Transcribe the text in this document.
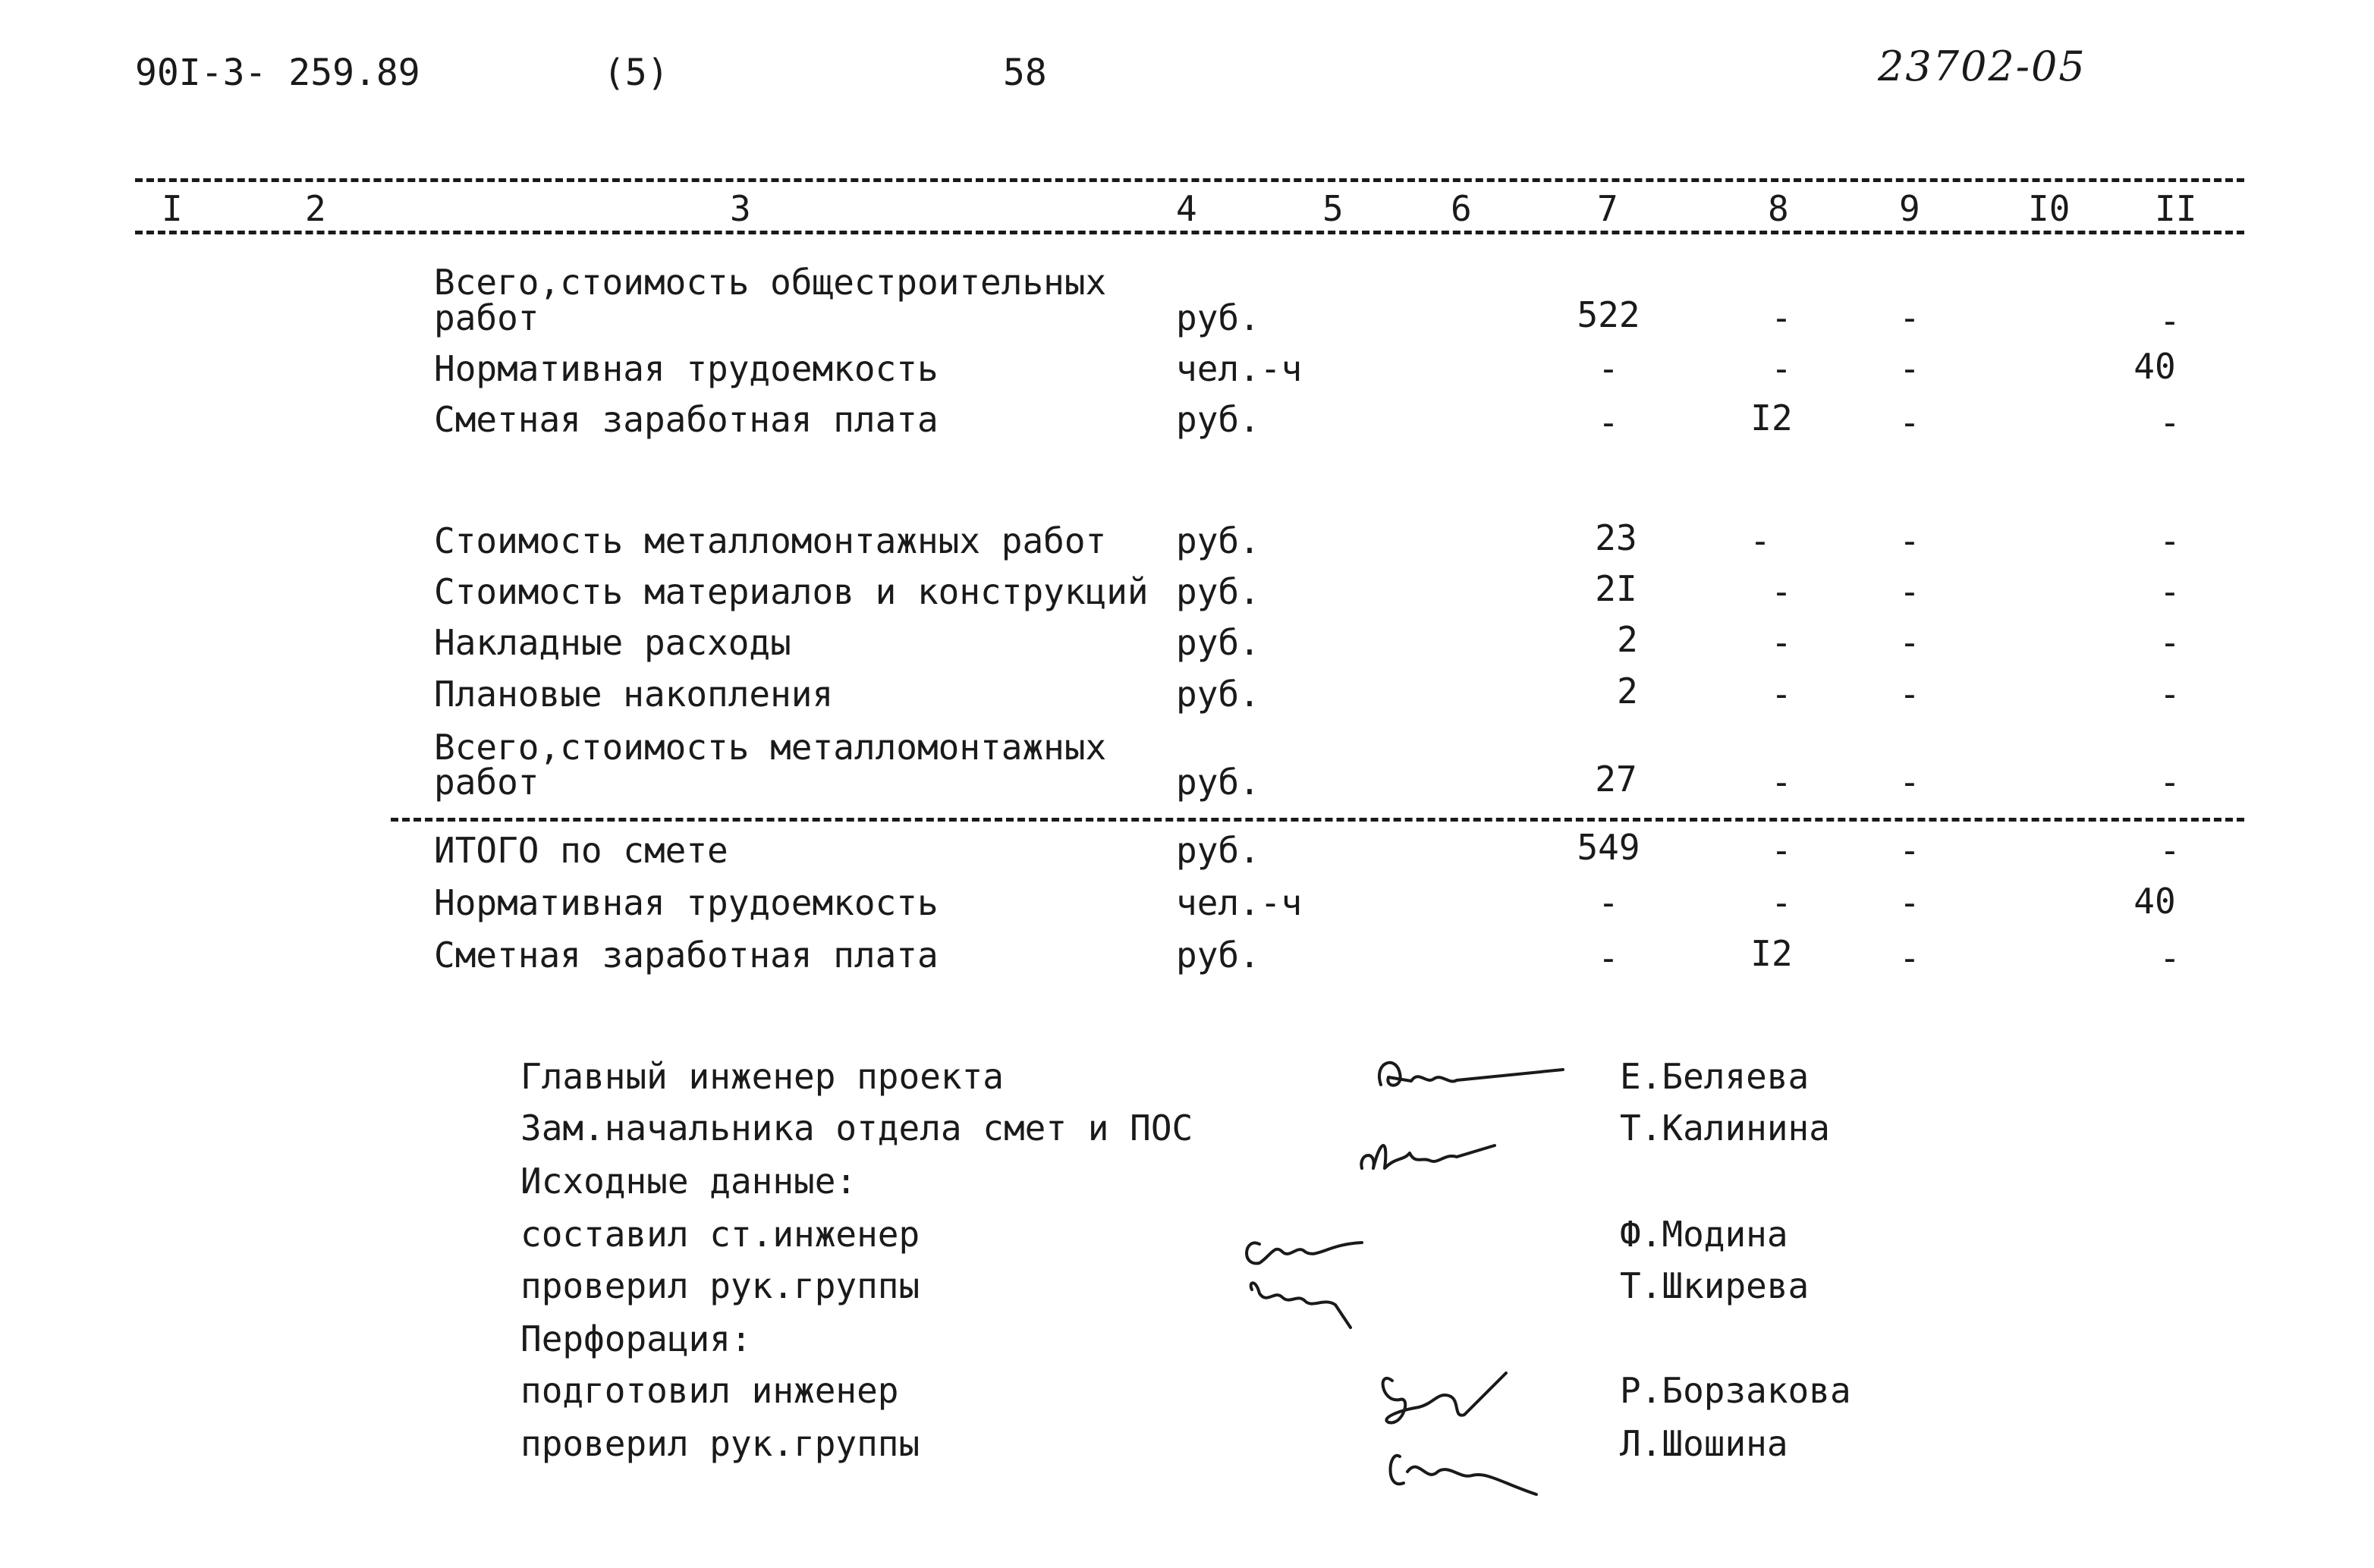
90I-3- 259.89	(5)	58	23702-05
I	2	3	4	5	6	7	8	9	I0 II
Всего,стоимость общестроительных
работ	руб.	522	-	-	-
Нормативная трудоемкость	чел.-ч	-	-	-	40
Сметная заработная плата	руб.	-	I2	-	-
Стоимость металломонтажных работ руб.	23	-	-	-
Стоимость материалов и конструкций руб.	2I	-	-	-
Накладные расходы	руб.	2	-	-	-
Плановые накопления	руб.	2	-	-	-
Всего,стоимость металломонтажных
работ	руб.	27	-	-	-
ИТОГО по смете	руб.	549	-	-	-
Нормативная трудоемкость	чел.-ч	-	-	-	40
Сметная заработная плата	руб.	-	I2	-	-
Главный инженер проекта	Е.Беляева
Зам.начальника отдела смет и ПОС	Т.Калинина
Исходные данные:
составил ст.инженер	Ф.Модина
проверил рук.группы	Т.Шкирева
Перфорация:
подготовил инженер	Р.Борзакова
проверил рук.группы	Л.Шошина
